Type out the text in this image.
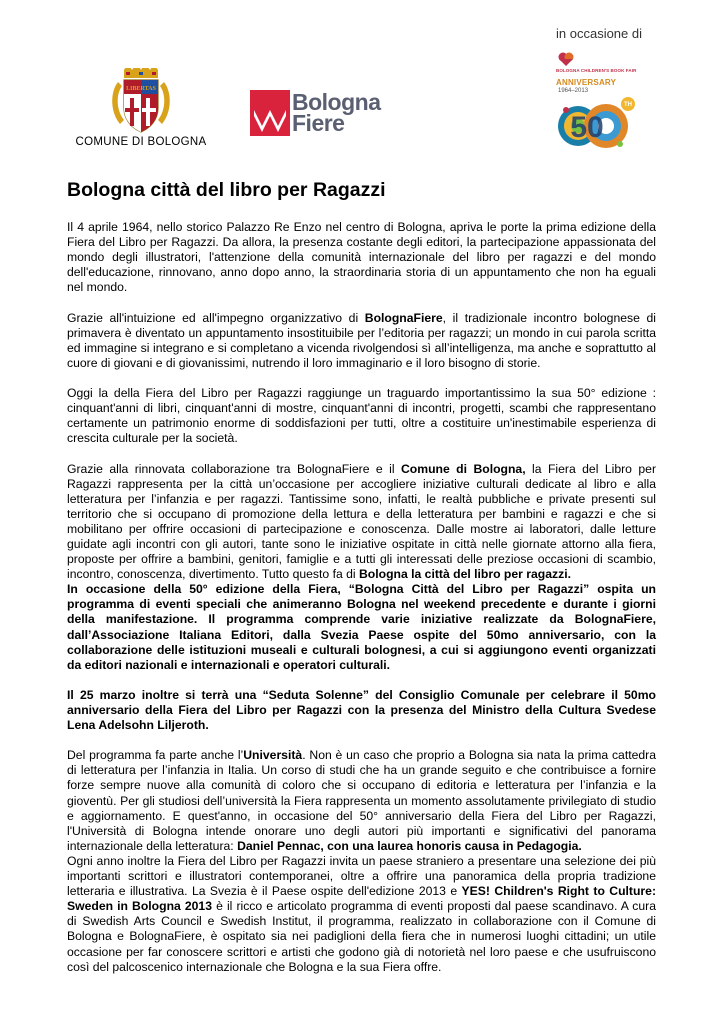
LIBERTAS
COMUNE DI BOLOGNA
Bologna
Fiere
in occasione di
BOLOGNA CHILDREN'S BOOK FAIR
ANNIVERSARY
1964–2013
50
TH
Bologna città del libro per Ragazzi

Il 4 aprile 1964, nello storico Palazzo Re Enzo nel centro di Bologna, apriva le porte la prima edizione della Fiera del Libro per Ragazzi. Da allora, la presenza costante degli editori, la partecipazione appassionata del mondo degli illustratori, l'attenzione della comunità internazionale del libro per ragazzi e del mondo dell'educazione, rinnovano, anno dopo anno, la straordinaria storia di un appuntamento che non ha eguali nel mondo.

Grazie all'intuizione ed all'impegno organizzativo di BolognaFiere, il tradizionale incontro bolognese di primavera è diventato un appuntamento insostituibile per l’editoria per ragazzi; un mondo in cui parola scritta ed immagine si integrano e si completano a vicenda rivolgendosi sì all’intelligenza, ma anche e soprattutto al cuore di giovani e di giovanissimi, nutrendo il loro immaginario e il loro bisogno di storie.

Oggi la della Fiera del Libro per Ragazzi raggiunge un traguardo importantissimo la sua 50° edizione : cinquant'anni di libri, cinquant'anni di mostre, cinquant'anni di incontri, progetti, scambi che rappresentano certamente un patrimonio enorme di soddisfazioni per tutti, oltre a costituire un'inestimabile esperienza di crescita culturale per la società.

Grazie alla rinnovata collaborazione tra BolognaFiere e il Comune di Bologna, la Fiera del Libro per Ragazzi rappresenta per la città un’occasione per accogliere iniziative culturali dedicate al libro e alla letteratura per l’infanzia e per ragazzi. Tantissime sono, infatti, le realtà pubbliche e private presenti sul territorio che si occupano di promozione della lettura e della letteratura per bambini e ragazzi e che si mobilitano per offrire occasioni di partecipazione e conoscenza. Dalle mostre ai laboratori, dalle letture guidate agli incontri con gli autori, tante sono le iniziative ospitate in città nelle giornate attorno alla fiera, proposte per offrire a bambini, genitori, famiglie e a tutti gli interessati delle preziose occasioni di scambio, incontro, conoscenza, divertimento. Tutto questo fa di Bologna la città del libro per ragazzi.

In occasione della 50° edizione della Fiera, “Bologna Città del Libro per Ragazzi” ospita un programma di eventi speciali che animeranno Bologna nel weekend precedente e durante i giorni della manifestazione. Il programma comprende varie iniziative realizzate da BolognaFiere, dall’Associazione Italiana Editori, dalla Svezia Paese ospite del 50mo anniversario, con la collaborazione delle istituzioni museali e culturali bolognesi, a cui si aggiungono eventi organizzati da editori nazionali e internazionali e operatori culturali.

Il 25 marzo inoltre si terrà una “Seduta Solenne” del Consiglio Comunale per celebrare il 50mo anniversario della Fiera del Libro per Ragazzi con la presenza del Ministro della Cultura Svedese Lena Adelsohn Liljeroth.

Del programma fa parte anche l’Università. Non è un caso che proprio a Bologna sia nata la prima cattedra di letteratura per l’infanzia in Italia. Un corso di studi che ha un grande seguito e che contribuisce a fornire forze sempre nuove alla comunità di coloro che si occupano di editoria e letteratura per l’infanzia e la gioventù. Per gli studiosi dell’università la Fiera rappresenta un momento assolutamente privilegiato di studio e aggiornamento. E quest'anno, in occasione del 50° anniversario della Fiera del Libro per Ragazzi, l'Università di Bologna intende onorare uno degli autori più importanti e significativi del panorama internazionale della letteratura: Daniel Pennac, con una laurea honoris causa in Pedagogia.

Ogni anno inoltre la Fiera del Libro per Ragazzi invita un paese straniero a presentare una selezione dei più importanti scrittori e illustratori contemporanei, oltre a offrire una panoramica della propria tradizione letteraria e illustrativa. La Svezia è il Paese ospite dell'edizione 2013 e YES! Children's Right to Culture: Sweden in Bologna 2013 è il ricco e articolato programma di eventi proposti dal paese scandinavo. A cura di Swedish Arts Council e Swedish Institut, il programma, realizzato in collaborazione con il Comune di Bologna e BolognaFiere, è ospitato sia nei padiglioni della fiera che in numerosi luoghi cittadini; un utile occasione per far conoscere scrittori e artisti che godono già di notorietà nel loro paese e che usufruiscono così del palcoscenico internazionale che Bologna e la sua Fiera offre.
